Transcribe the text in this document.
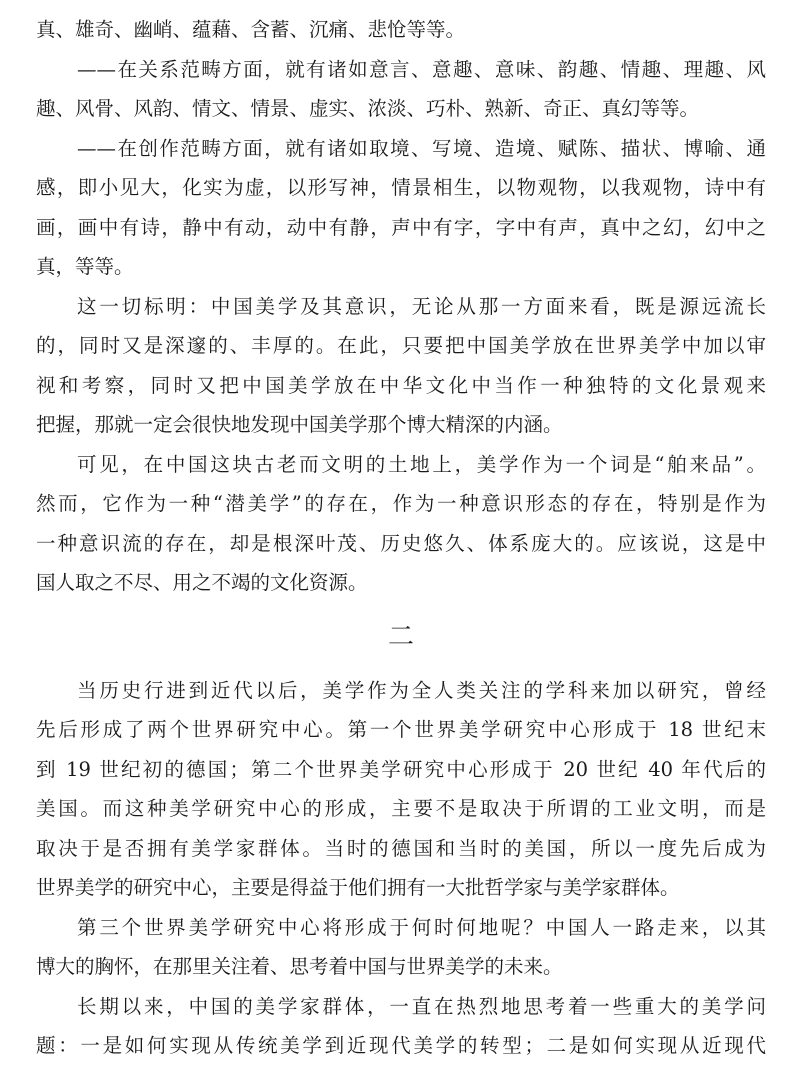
真、雄奇、幽峭、蕴藉、含蓄、沉痛、悲怆等等。
——在关系范畴方面，就有诸如意言、意趣、意味、韵趣、情趣、理趣、风
趣、风骨、风韵、情文、情景、虚实、浓淡、巧朴、熟新、奇正、真幻等等。
——在创作范畴方面，就有诸如取境、写境、造境、赋陈、描状、博喻、通
感，即小见大，化实为虚，以形写神，情景相生，以物观物，以我观物，诗中有
画，画中有诗，静中有动，动中有静，声中有字，字中有声，真中之幻，幻中之
真，等等。
这一切标明：中国美学及其意识，无论从那一方面来看，既是源远流长
的，同时又是深邃的、丰厚的。在此，只要把中国美学放在世界美学中加以审
视和考察，同时又把中国美学放在中华文化中当作一种独特的文化景观来
把握，那就一定会很快地发现中国美学那个博大精深的内涵。
可见，在中国这块古老而文明的土地上，美学作为一个词是“舶来品”。
然而，它作为一种“潜美学”的存在，作为一种意识形态的存在，特别是作为
一种意识流的存在，却是根深叶茂、历史悠久、体系庞大的。应该说，这是中
国人取之不尽、用之不竭的文化资源。
二
当历史行进到近代以后，美学作为全人类关注的学科来加以研究，曾经
先后形成了两个世界研究中心。第一个世界美学研究中心形成于 18 世纪末
到 19 世纪初的德国；第二个世界美学研究中心形成于 20 世纪 40 年代后的
美国。而这种美学研究中心的形成，主要不是取决于所谓的工业文明，而是
取决于是否拥有美学家群体。当时的德国和当时的美国，所以一度先后成为
世界美学的研究中心，主要是得益于他们拥有一大批哲学家与美学家群体。
第三个世界美学研究中心将形成于何时何地呢？中国人一路走来，以其
博大的胸怀，在那里关注着、思考着中国与世界美学的未来。
长期以来，中国的美学家群体，一直在热烈地思考着一些重大的美学问
题：一是如何实现从传统美学到近现代美学的转型；二是如何实现从近现代
